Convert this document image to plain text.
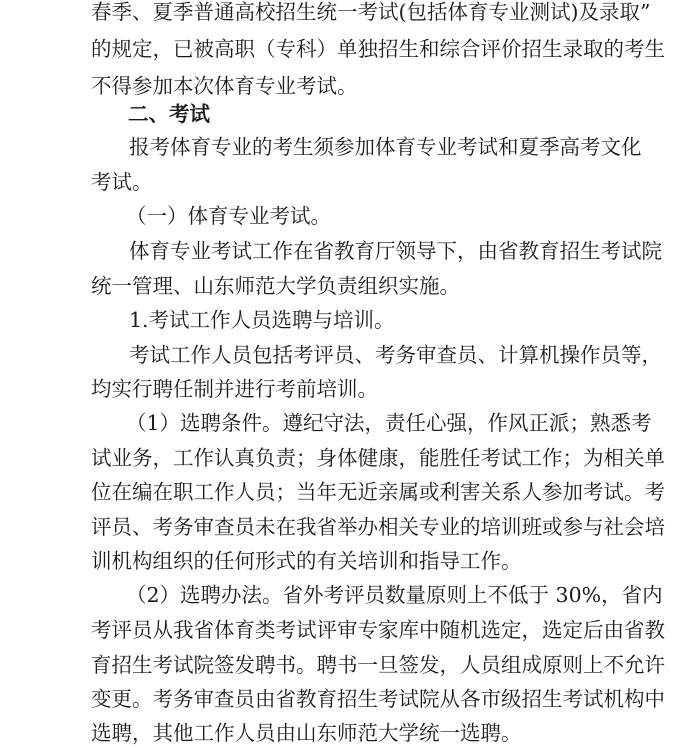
春季、夏季普通高校招生统一考试(包括体育专业测试)及录取”
的规定，已被高职（专科）单独招生和综合评价招生录取的考生
不得参加本次体育专业考试。
二、考试
报考体育专业的考生须参加体育专业考试和夏季高考文化
考试。
（一）体育专业考试。
体育专业考试工作在省教育厅领导下，由省教育招生考试院
统一管理、山东师范大学负责组织实施。
1.考试工作人员选聘与培训。
考试工作人员包括考评员、考务审查员、计算机操作员等，
均实行聘任制并进行考前培训。
（1）选聘条件。遵纪守法，责任心强，作风正派；熟悉考
试业务，工作认真负责；身体健康，能胜任考试工作；为相关单
位在编在职工作人员；当年无近亲属或利害关系人参加考试。考
评员、考务审查员未在我省举办相关专业的培训班或参与社会培
训机构组织的任何形式的有关培训和指导工作。
（2）选聘办法。省外考评员数量原则上不低于 30%，省内
考评员从我省体育类考试评审专家库中随机选定，选定后由省教
育招生考试院签发聘书。聘书一旦签发，人员组成原则上不允许
变更。考务审查员由省教育招生考试院从各市级招生考试机构中
选聘，其他工作人员由山东师范大学统一选聘。
